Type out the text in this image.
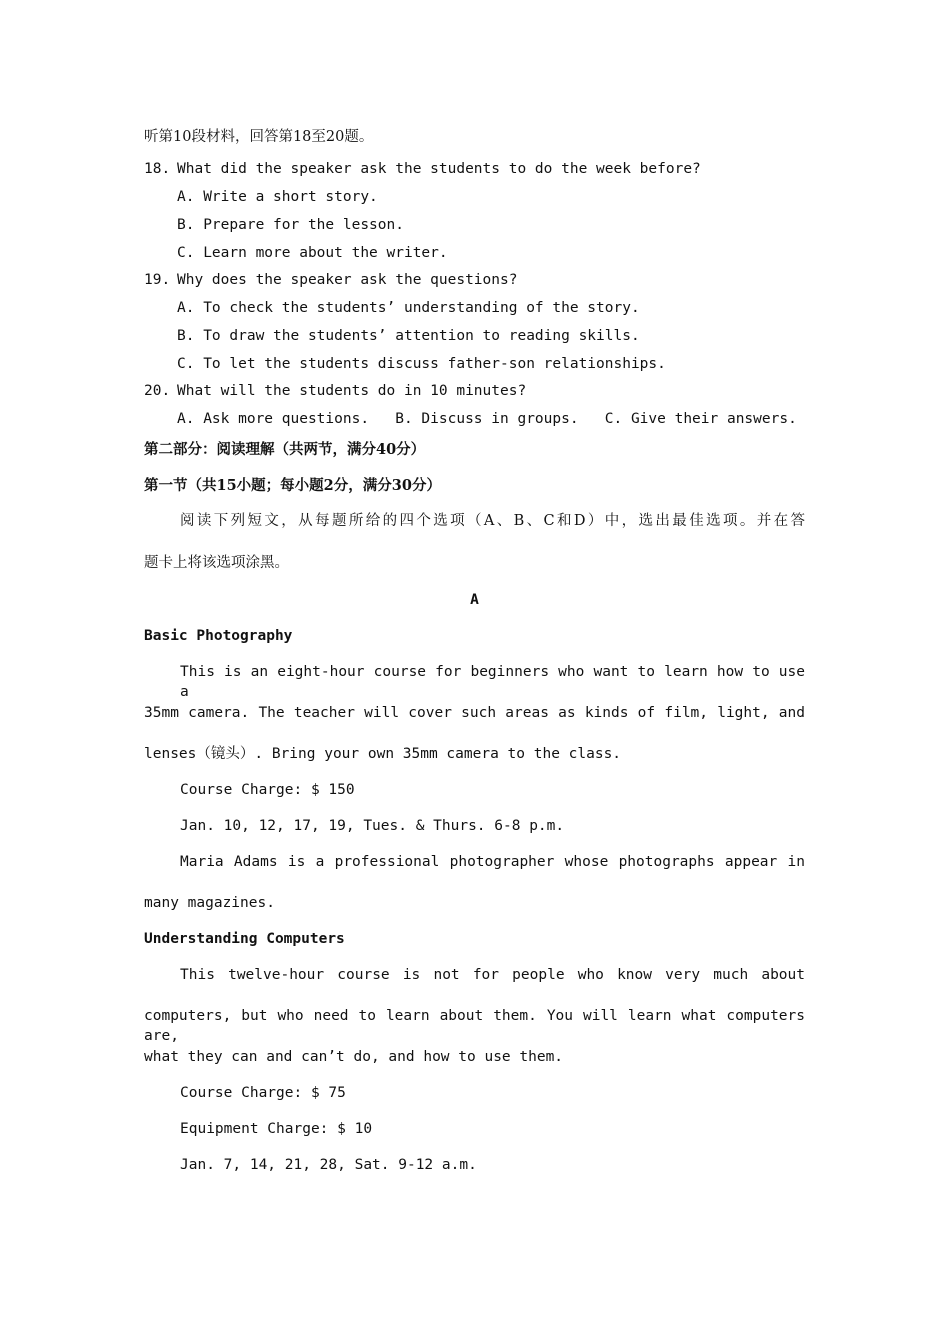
听第10段材料，回答第18至20题。
18. What did the speaker ask the students to do the week before?
A. Write a short story.
B. Prepare for the lesson.
C. Learn more about the writer.
19. Why does the speaker ask the questions?
A. To check the students’ understanding of the story.
B. To draw the students’ attention to reading skills.
C. To let the students discuss father-son relationships.
20. What will the students do in 10 minutes?
A. Ask more questions.   B. Discuss in groups.   C. Give their answers.
第二部分：阅读理解（共两节，满分40分）
第一节（共15小题；每小题2分，满分30分）
阅读下列短文，从每题所给的四个选项（A、B、C和D）中，选出最佳选项。并在答
题卡上将该选项涂黑。
A
Basic Photography
This is an eight-hour course for beginners who want to learn how to use a
35mm camera. The teacher will cover such areas as kinds of film, light, and
lenses（镜头）. Bring your own 35mm camera to the class.
Course Charge: $ 150
Jan. 10, 12, 17, 19, Tues. & Thurs. 6-8 p.m.
Maria Adams is a professional photographer whose photographs appear in
many magazines.
Understanding Computers
This twelve-hour course is not for people who know very much about
computers, but who need to learn about them. You will learn what computers are,
what they can and can’t do, and how to use them.
Course Charge: $ 75
Equipment Charge: $ 10
Jan. 7, 14, 21, 28, Sat. 9-12 a.m.
